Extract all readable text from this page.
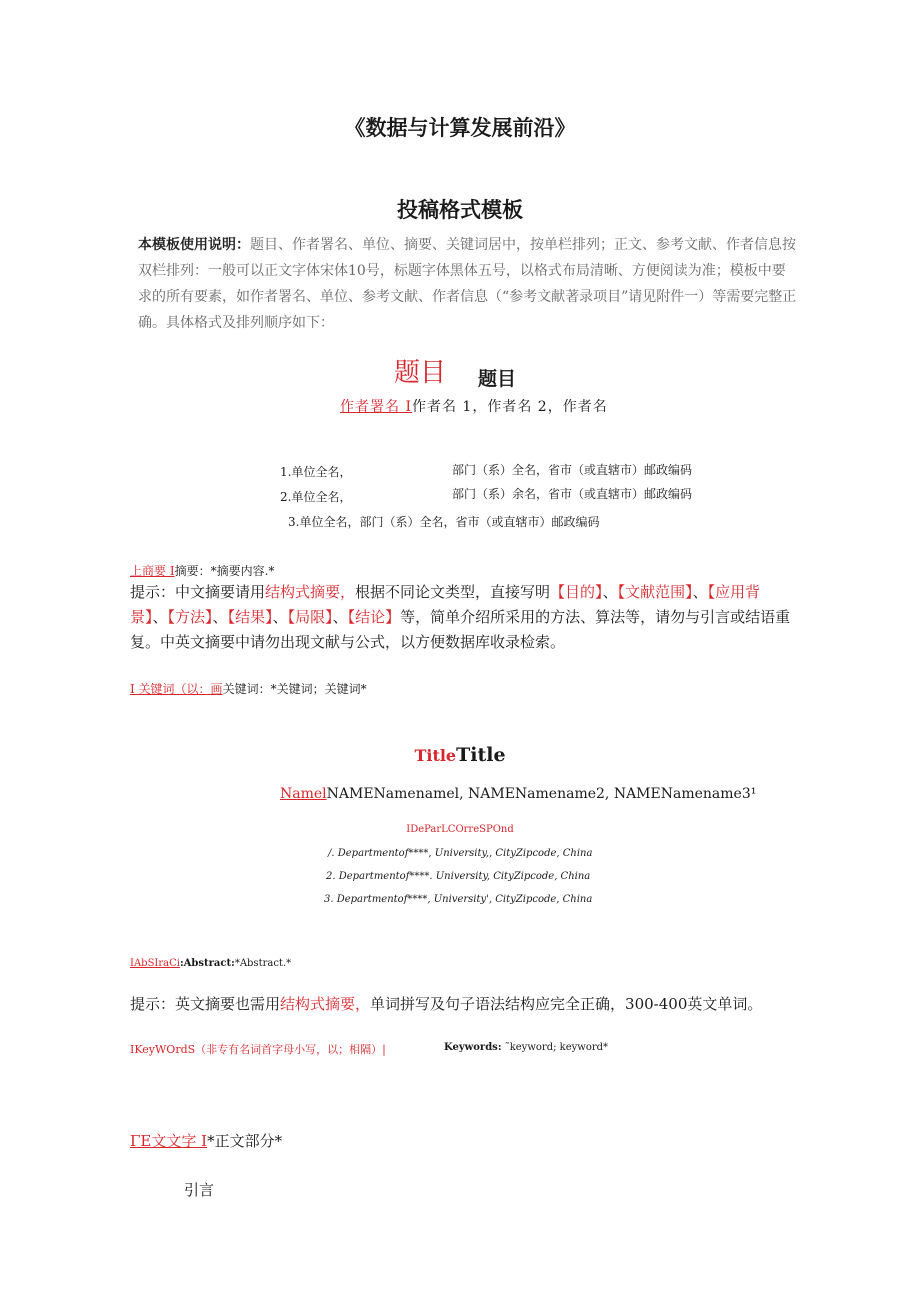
《数据与计算发展前沿》
投稿格式模板
本模板使用说明：题目、作者署名、单位、摘要、关键词居中，按单栏排列；正文、参考文献、作者信息按双栏排列：一般可以正文字体宋体10号，标题字体黑体五号，以格式布局清晰、方便阅读为准；模板中要求的所有要素，如作者署名、单位、参考文献、作者信息（“参考文献著录项目”请见附件一）等需要完整正确。具体格式及排列顺序如下：
题目 题目
作者署名 I作者名 1，作者名 2，作者名
1.单位全名，	部门（系）全名，省市（或直辖市）邮政编码
2.单位全名，	部门（系）余名，省市（或直辖市）邮政编码
3.单位全名，部门（系）全名，省市（或直辖市）邮政编码
上商要 I摘要：*摘要内容.*
提示：中文摘要请用结构式摘要，根据不同论文类型，直接写明【目的】、【文献范围】、【应用背景】、【方法】、【结果】、【局限】、【结论】等，简单介绍所采用的方法、算法等，请勿与引言或结语重复。中英文摘要中请勿出现文献与公式，以方便数据库收录检索。
I 关键词（以：画关键词：*关键词；关键词*
TitleTitle
NamelNAMENamenamel, NAMENamename2, NAMENamename3¹
IDeParLCOrreSPOnd
/. Departmentof****, University,, CityZipcode, China
2. Departmentof****. University, CityZipcode, China
3. Departmentof****, University', CityZipcode, China
IAbSIraCi:Abstract:*Abstract.*
提示：英文摘要也需用结构式摘要，单词拼写及句子语法结构应完全正确，300-400英文单词。
IKeyWOrdS（非专有名词首字母小写，以；相隔）|	Keywords: ˜keyword; keyword*
ΓE文文字 I*正文部分*
引言
